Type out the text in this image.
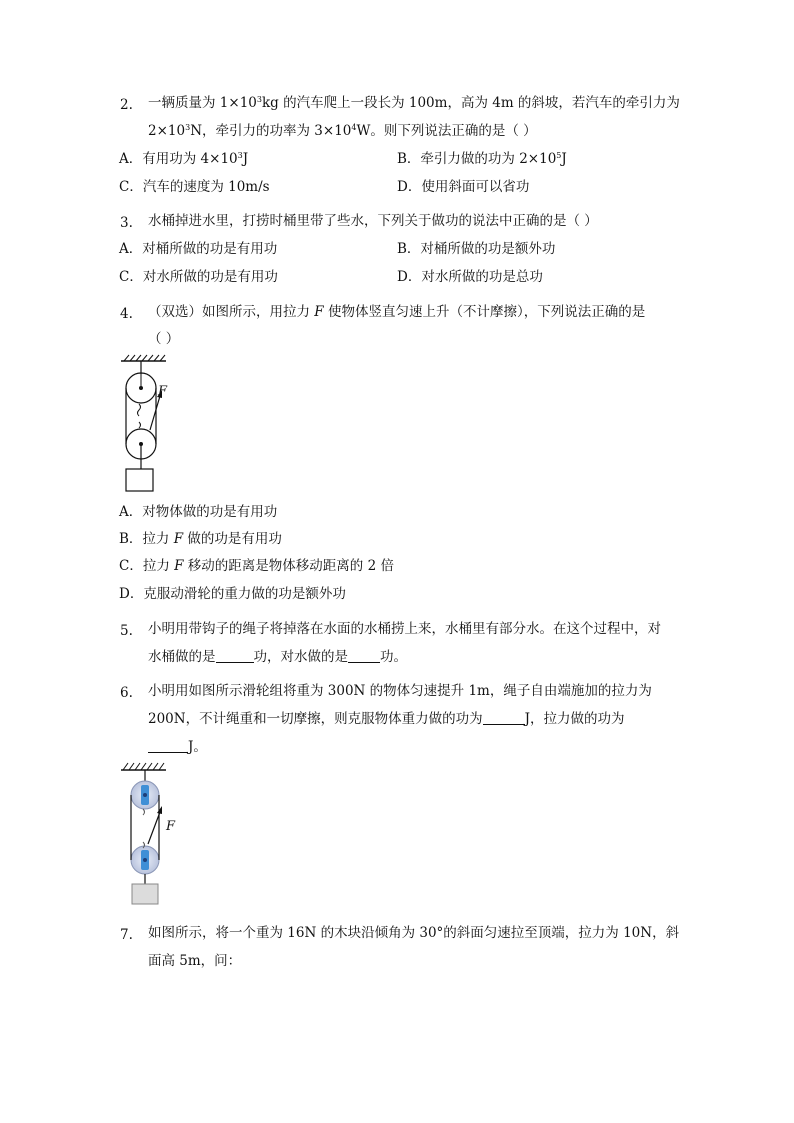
2.	一辆质量为 $1\times 10^3kg$ 的汽车爬上一段长为 100m，高为 4m 的斜坡，若汽车的牵引力为
$2\times 10^3N$，牵引力的功率为 $3\times 10^4W$。则下列说法正确的是（ ）
A．有用功为 $4\times 10^3J$	B．牵引力做的功为 $2\times 10^5J$
C．汽车的速度为 10m/s	D．使用斜面可以省功
3.	水桶掉进水里，打捞时桶里带了些水，下列关于做功的说法中正确的是（ ）
A．对桶所做的功是有用功	B．对桶所做的功是额外功
C．对水所做的功是有用功	D．对水所做的功是总功
4.	（双选）如图所示，用拉力 F 使物体竖直匀速上升（不计摩擦），下列说法正确的是
（ ）
F
A．对物体做的功是有用功
B．拉力 F 做的功是有用功
C．拉力 F 移动的距离是物体移动距离的 2 倍
D．克服动滑轮的重力做的功是额外功
5.	小明用带钩子的绳子将掉落在水面的水桶捞上来，水桶里有部分水。在这个过程中，对
水桶做的是	功，对水做的是 功。
6.	小明用如图所示滑轮组将重为 300N 的物体匀速提升 1m，绳子自由端施加的拉力为
200N，不计绳重和一切摩擦，则克服物体重力做的功为	J，拉力做的功为
J。
F
7.	如图所示，将一个重为 16N 的木块沿倾角为 30°的斜面匀速拉至顶端，拉力为 10N，斜
面高 5m，问：
